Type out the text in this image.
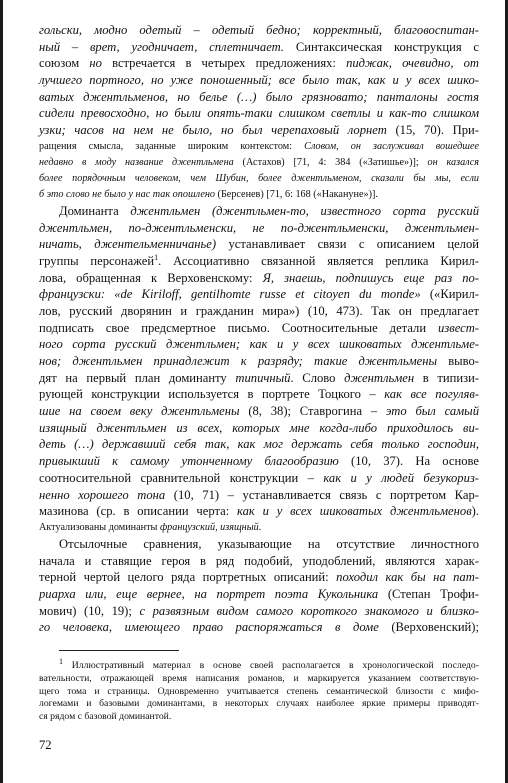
гольски, модно одетый – одетый бедно; корректный, благовоспитан-
ный – врет, угодничает, сплетничает. Синтаксическая конструкция с
союзом но встречается в четырех предложениях: пиджак, очевидно, от
лучшего портного, но уже поношенный; все было так, как и у всех шико-
ватых джентльменов, но белье (…) было грязновато; панталоны гостя
сидели превосходно, но были опять-таки слишком светлы и как-то слишком
узки; часов на нем не было, но был черепаховый лорнет (15, 70). При-
ращения смысла, заданные широким контекстом: Словом, он заслуживал вошедшее
недавно в моду название джентльмена (Астахов) [71, 4: 384 («Затишье»)]; он казался
более порядочным человеком, чем Шубин, более джентльменом, сказали бы мы, если
б это слово не было у нас так опошлено (Берсенев) [71, 6: 168 («Накануне»)].
Доминанта джентльмен (джентльмен-то, известного сорта русский
джентльмен, по-джентльменски, не по-джентльменски, джентльмен-
ничать, джентельменничанье) устанавливает связи с описанием целой
группы персонажей$^1$. Ассоциативно связанной является реплика Кирил-
лова, обращенная к Верховенскому: Я, знаешь, подпишусь еще раз по-
французски: «de Kiriloff, gentilhomte russe et citoyen du monde» («Кирил-
лов, русский дворянин и гражданин мира») (10, 473). Так он предлагает
подписать свое предсмертное письмо. Соотносительные детали извест-
ного сорта русский джентльмен; как и у всех шиковатых джентльме-
нов; джентльмен принадлежит к разряду; такие джентльмены выво-
дят на первый план доминанту типичный. Слово джентльмен в типизи-
рующей конструкции используется в портрете Тоцкого – как все погуляв-
шие на своем веку джентльмены (8, 38); Ставрогина – это был самый
изящный джентльмен из всех, которых мне когда-либо приходилось ви-
деть (…) державший себя так, как мог держать себя только господин,
привыкший к самому утонченному благообразию (10, 37). На основе
соотносительной сравнительной конструкции – как и у людей безукориз-
ненно хорошего тона (10, 71) – устанавливается связь с портретом Кар-
мазинова (ср. в описании черта: как и у всех шиковатых джентльменов).
Актуализованы доминанты французский, изящный.
Отсылочные сравнения, указывающие на отсутствие личностного
начала и ставящие героя в ряд подобий, уподоблений, являются харак-
терной чертой целого ряда портретных описаний: походил как бы на пат-
риарха или, еще вернее, на портрет поэта Кукольника (Степан Трофи-
мович) (10, 19); с развязным видом самого короткого знакомого и близко-
го человека, имеющего право распоряжаться в доме (Верховенский);
$^1$ Иллюстративный материал в основе своей располагается в хронологической последо-
вательности, отражающей время написания романов, и маркируется указанием соответствую-
щего тома и страницы. Одновременно учитывается степень семантической близости с мифо-
логемами и базовыми доминантами, в некоторых случаях наиболее яркие примеры приводят-
ся рядом с базовой доминантой.
72
